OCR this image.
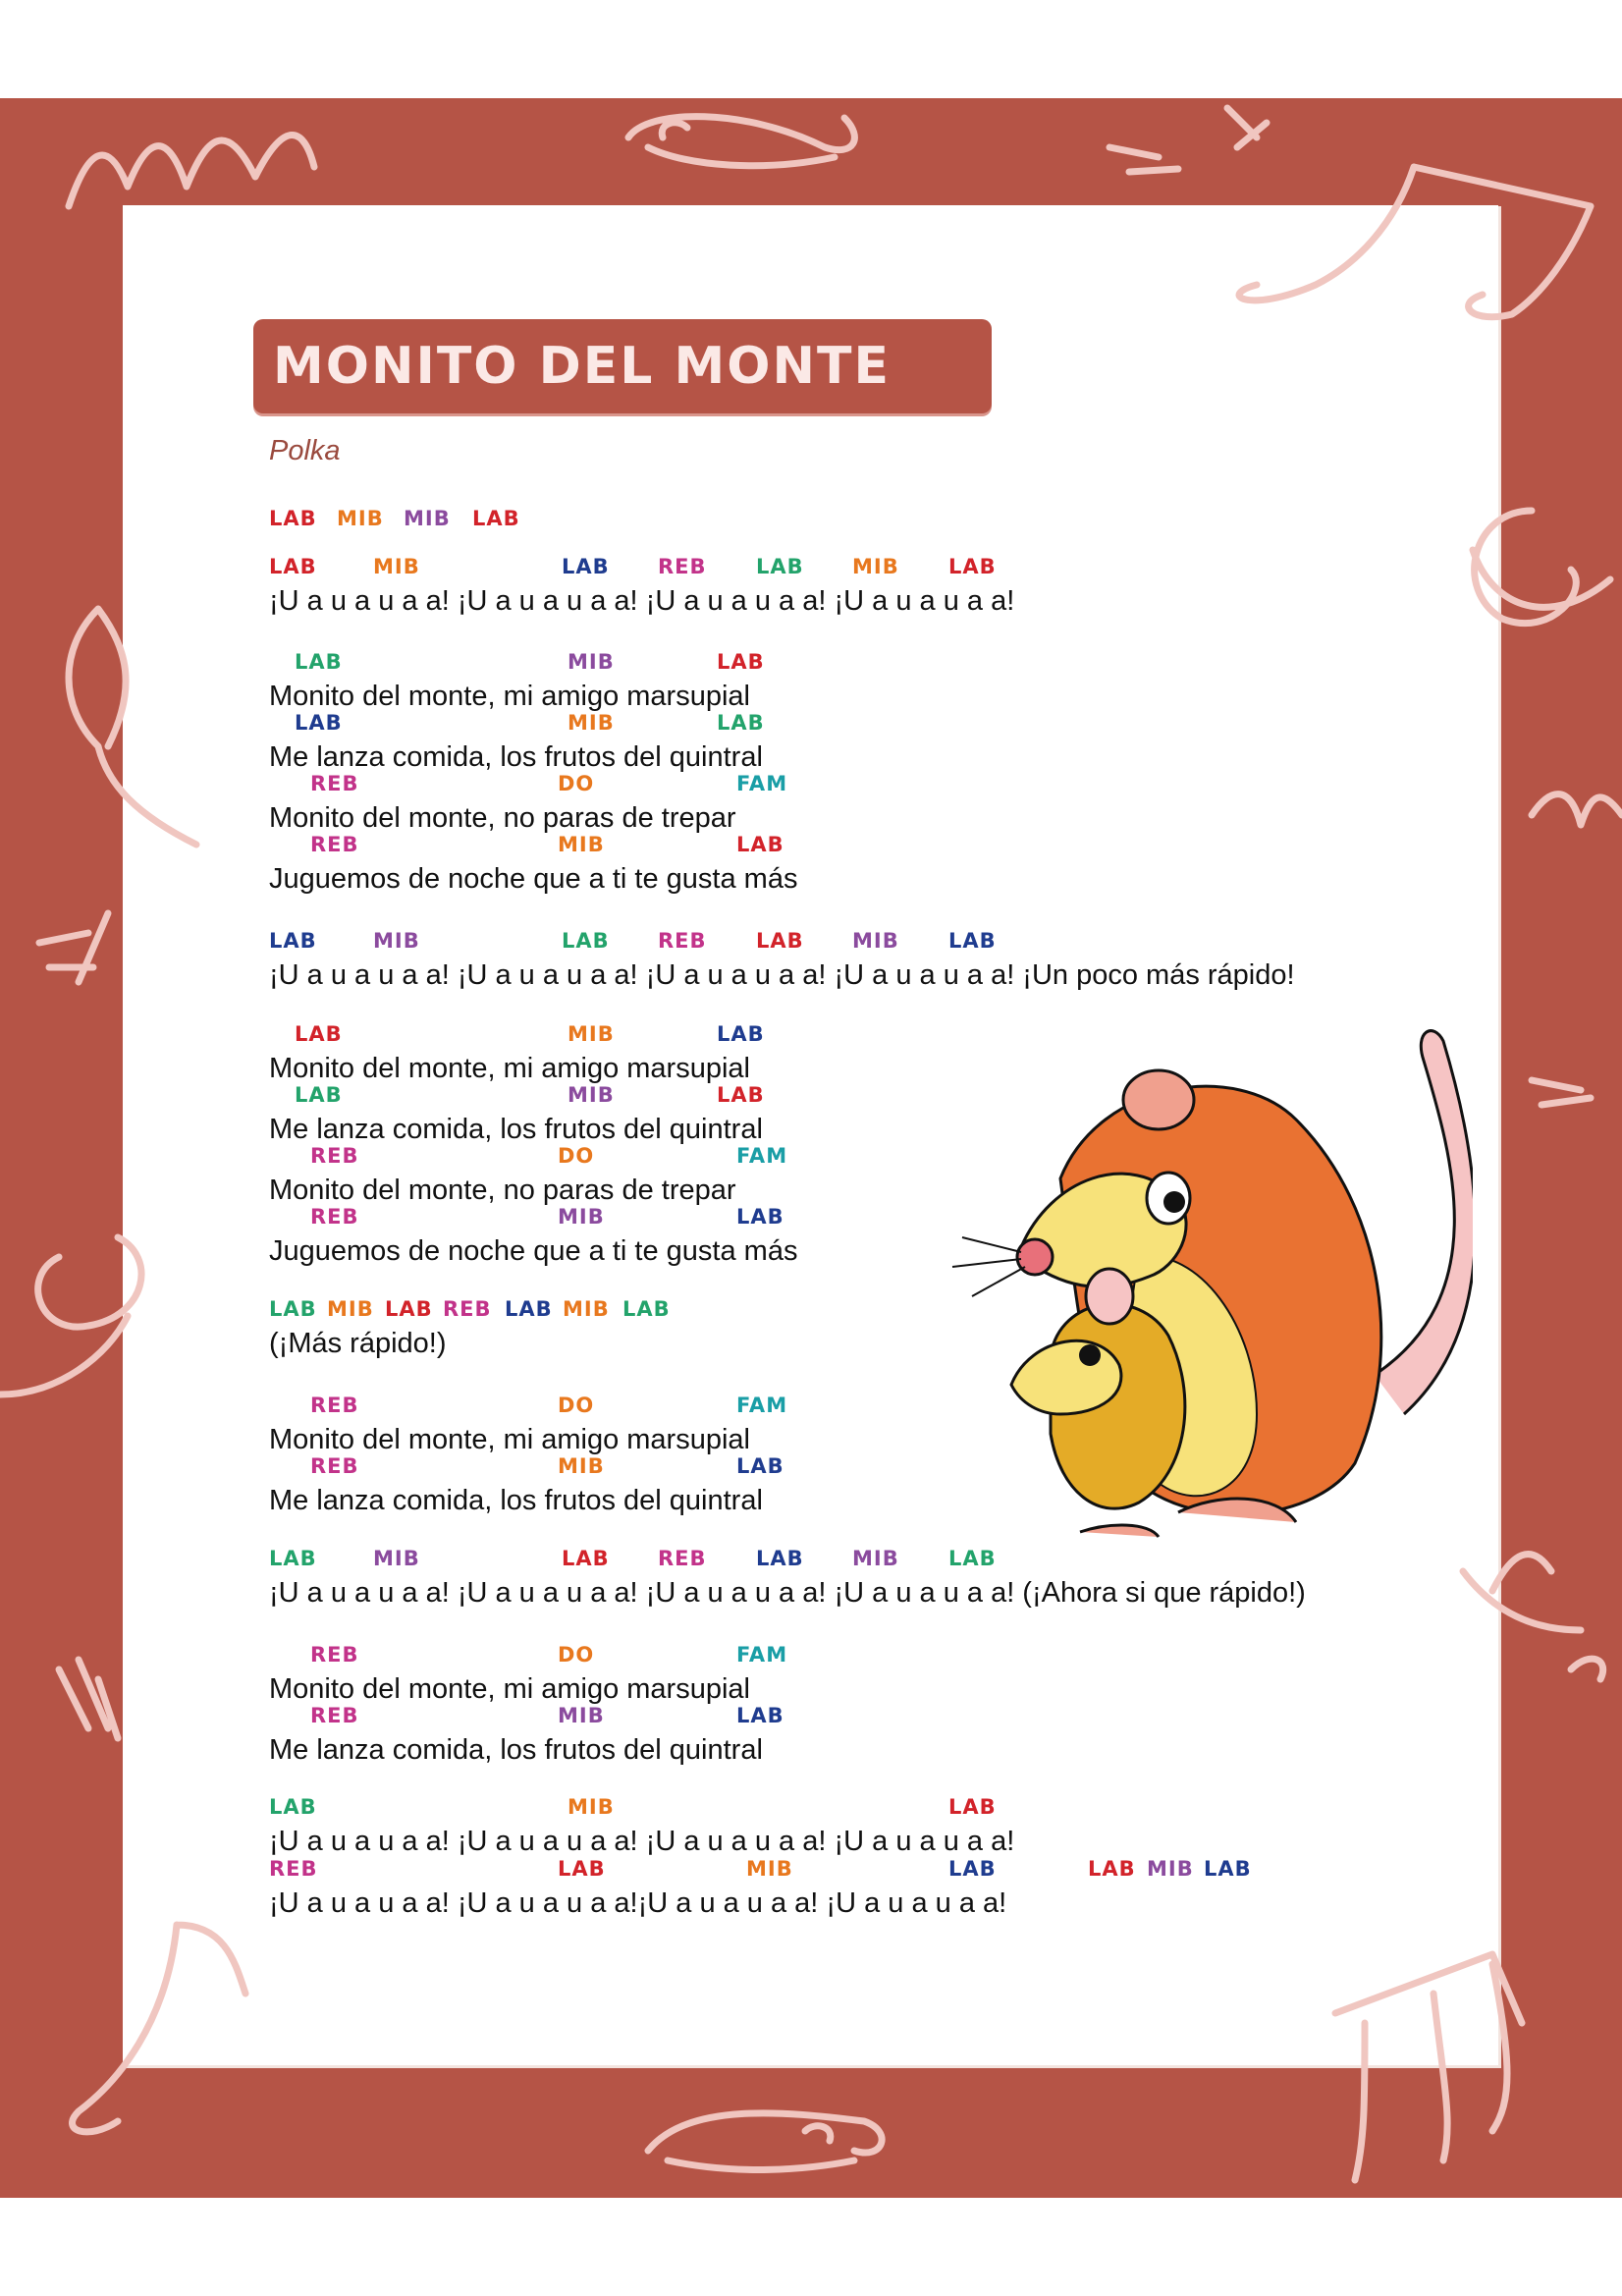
MONITO DEL MONTE
Polka
LAB MIB MIB LAB
¡U a u a u a a! ¡U a u a u a a! ¡U a u a u a a! ¡U a u a u a a!
LAB	MIB	LAB REB LAB MIB LAB
Monito del monte, mi amigo marsupial
LAB	MIB	LAB
Me lanza comida, los frutos del quintral
LAB	MIB	LAB
Monito del monte, no paras de trepar
REB	DO	FAM
Juguemos de noche que a ti te gusta más
REB	MIB	LAB
¡U a u a u a a! ¡U a u a u a a! ¡U a u a u a a! ¡U a u a u a a! ¡Un poco más rápido!
LAB	MIB	LAB REB LAB MIB LAB
Monito del monte, mi amigo marsupial
LAB	MIB	LAB
Me lanza comida, los frutos del quintral
LAB	MIB	LAB
Monito del monte, no paras de trepar
REB	DO	FAM
Juguemos de noche que a ti te gusta más
REB	MIB	LAB
(¡Más rápido!)
LAB MIB LAB REB LAB MIB LAB
Monito del monte, mi amigo marsupial
REB	DO	FAM
Me lanza comida, los frutos del quintral
REB	MIB	LAB
¡U a u a u a a! ¡U a u a u a a! ¡U a u a u a a! ¡U a u a u a a! (¡Ahora si que rápido!)
LAB	MIB	LAB REB LAB MIB LAB
Monito del monte, mi amigo marsupial
REB	DO	FAM
Me lanza comida, los frutos del quintral
REB	MIB	LAB
¡U a u a u a a! ¡U a u a u a a! ¡U a u a u a a! ¡U a u a u a a!
LAB	MIB	LAB
¡U a u a u a a! ¡U a u a u a a!¡U a u a u a a! ¡U a u a u a a!
REB	LAB	MIB	LAB	LAB MIB LAB
